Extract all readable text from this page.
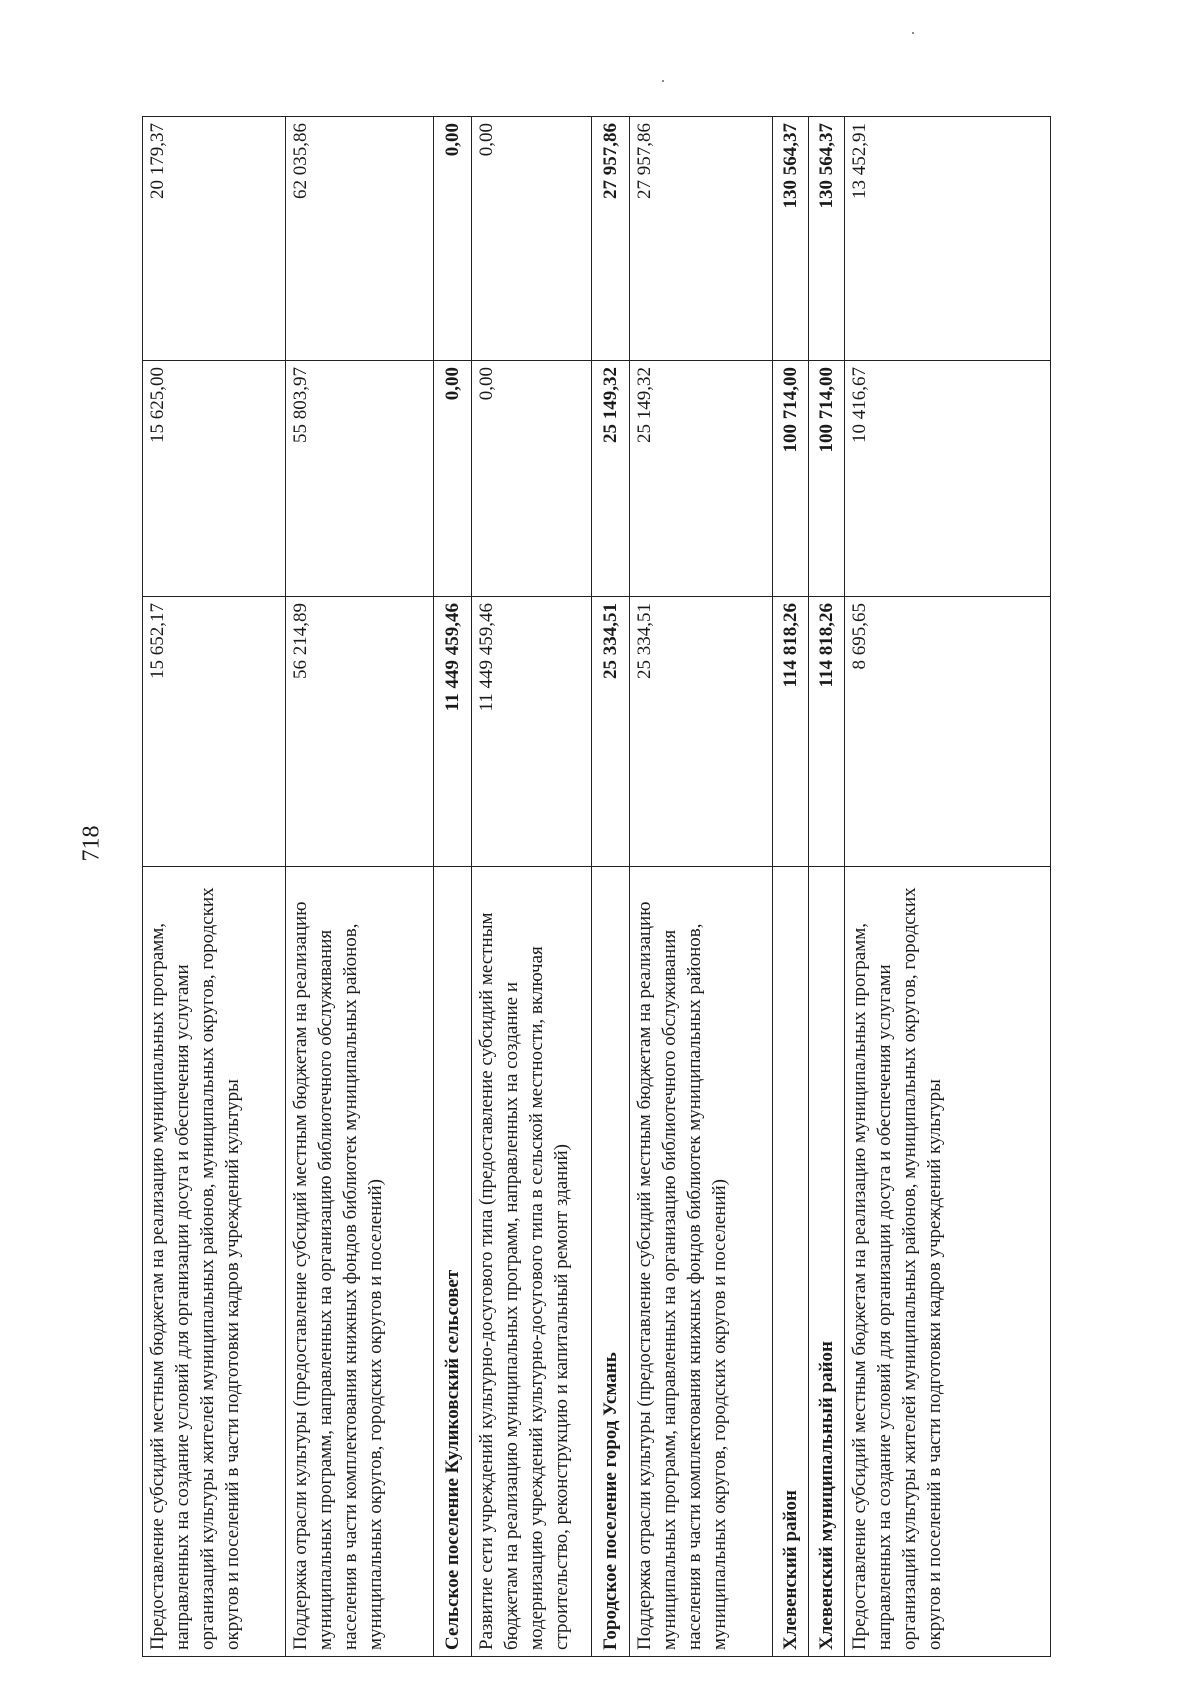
718
Предоставление субсидий местным бюджетам на реализацию муниципальных программ, направленных на создание условий для организации досуга и обеспечения услугами организаций культуры жителей муниципальных районов, муниципальных округов, городских округов и поселений в части подготовки кадров учреждений культуры	15 652,17	15 625,00	20 179,37
Поддержка отрасли культуры (предоставление субсидий местным бюджетам на реализацию муниципальных программ, направленных на организацию библиотечного обслуживания населения в части комплектования книжных фондов библиотек муниципальных районов, муниципальных округов, городских округов и поселений)	56 214,89	55 803,97	62 035,86
Сельское поселение Куликовский сельсовет	11 449 459,46	0,00	0,00
Развитие сети учреждений культурно-досугового типа (предоставление субсидий местным бюджетам на реализацию муниципальных программ, направленных на создание и модернизацию учреждений культурно-досугового типа в сельской местности, включая строительство, реконструкцию и капитальный ремонт зданий)	11 449 459,46	0,00	0,00
Городское поселение город Усмань	25 334,51	25 149,32	27 957,86
Поддержка отрасли культуры (предоставление субсидий местным бюджетам на реализацию муниципальных программ, направленных на организацию библиотечного обслуживания населения в части комплектования книжных фондов библиотек муниципальных районов, муниципальных округов, городских округов и поселений)	25 334,51	25 149,32	27 957,86
Хлевенский район	114 818,26	100 714,00	130 564,37
Хлевенский муниципальный район	114 818,26	100 714,00	130 564,37
Предоставление субсидий местным бюджетам на реализацию муниципальных программ, направленных на создание условий для организации досуга и обеспечения услугами организаций культуры жителей муниципальных районов, муниципальных округов, городских округов и поселений в части подготовки кадров учреждений культуры	8 695,65	10 416,67	13 452,91
